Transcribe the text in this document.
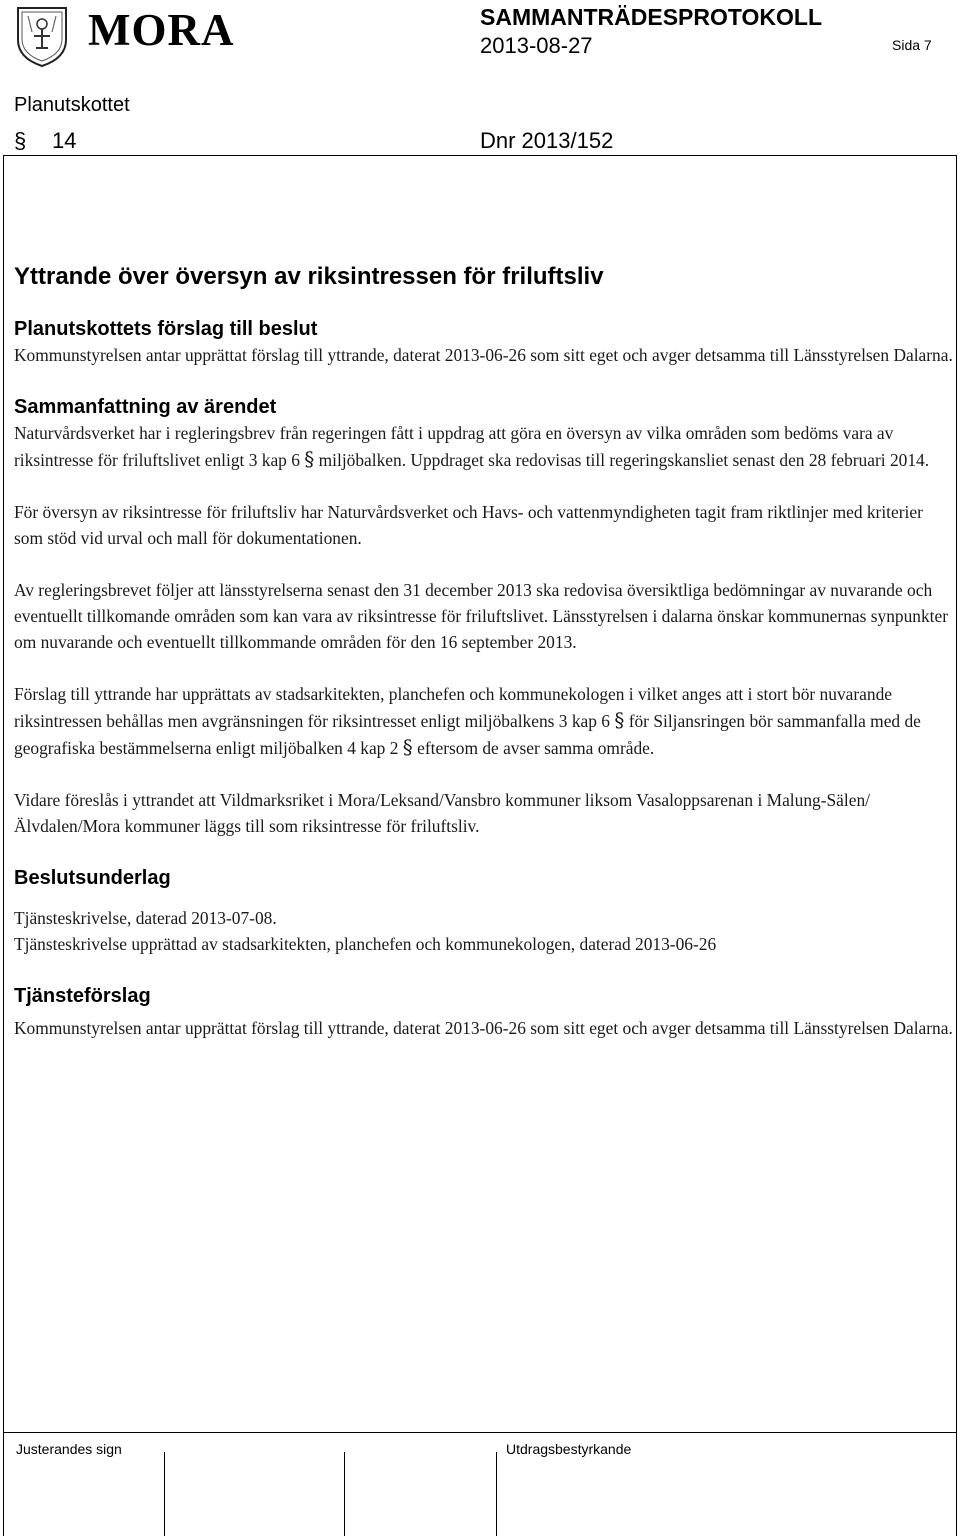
MORA	SAMMANTRÄDESPROTOKOLL
2013-08-27	Sida 7
Planutskottet
§ 14	Dnr 2013/152
Yttrande över översyn av riksintressen för friluftsliv
Planutskottets förslag till beslut

Kommunstyrelsen antar upprättat förslag till yttrande, daterat 2013-06-26 som sitt eget och avger detsamma till Länsstyrelsen Dalarna.

Sammanfattning av ärendet

Naturvårdsverket har i regleringsbrev från regeringen fått i uppdrag att göra en översyn av vilka områden som bedöms vara av riksintresse för friluftslivet enligt 3 kap 6 § miljöbalken. Uppdraget ska redovisas till regeringskansliet senast den 28 februari 2014.

För översyn av riksintresse för friluftsliv har Naturvårdsverket och Havs- och vattenmyndigheten tagit fram riktlinjer med kriterier som stöd vid urval och mall för dokumentationen.

Av regleringsbrevet följer att länsstyrelserna senast den 31 december 2013 ska redovisa översiktliga bedömningar av nuvarande och eventuellt tillkomande områden som kan vara av riksintresse för friluftslivet. Länsstyrelsen i dalarna önskar kommunernas synpunkter om nuvarande och eventuellt tillkommande områden för den 16 september 2013.

Förslag till yttrande har upprättats av stadsarkitekten, planchefen och kommunekologen i vilket anges att i stort bör nuvarande riksintressen behållas men avgränsningen för riksintresset enligt miljöbalkens 3 kap 6 § för Siljansringen bör sammanfalla med de geografiska bestämmelserna enligt miljöbalken 4 kap 2 § eftersom de avser samma område.

Vidare föreslås i yttrandet att Vildmarksriket i Mora/Leksand/Vansbro kommuner liksom Vasaloppsarenan i Malung-Sälen/Älvdalen/Mora kommuner läggs till som riksintresse för friluftsliv.

Beslutsunderlag

Tjänsteskrivelse, daterad 2013-07-08.

Tjänsteskrivelse upprättad av stadsarkitekten, planchefen och kommunekologen, daterad 2013-06-26

Tjänsteförslag

Kommunstyrelsen antar upprättat förslag till yttrande, daterat 2013-06-26 som sitt eget och avger detsamma till Länsstyrelsen Dalarna.

Justerandes sign	Utdragsbestyrkande
